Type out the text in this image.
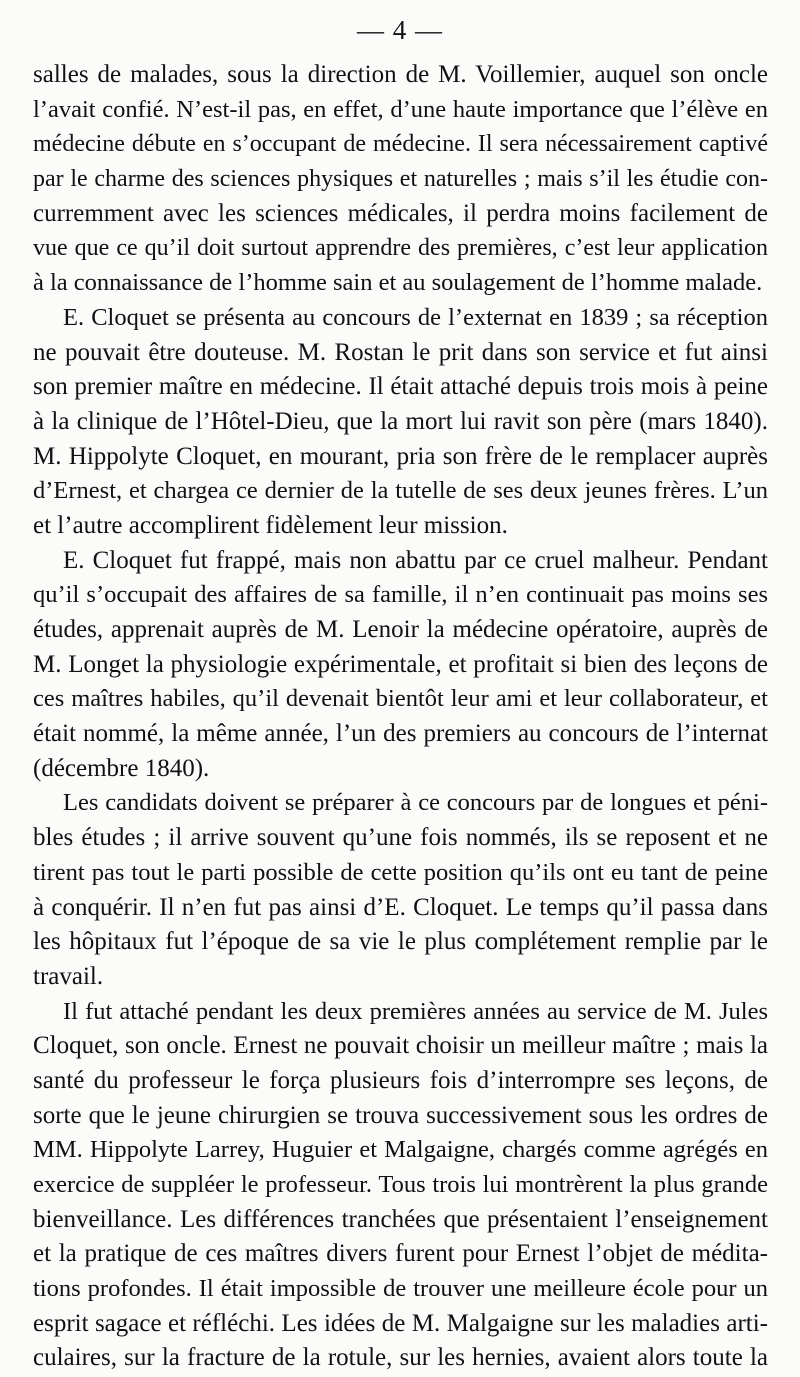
— 4 —
salles de malades, sous la direction de M. Voillemier, auquel son oncle
l’avait confié. N’est-il pas, en effet, d’une haute importance que l’élève en
médecine débute en s’occupant de médecine. Il sera nécessairement captivé
par le charme des sciences physiques et naturelles ; mais s’il les étudie con-
curremment avec les sciences médicales, il perdra moins facilement de
vue que ce qu’il doit surtout apprendre des premières, c’est leur application
à la connaissance de l’homme sain et au soulagement de l’homme malade.
E. Cloquet se présenta au concours de l’externat en 1839 ; sa réception
ne pouvait être douteuse. M. Rostan le prit dans son service et fut ainsi
son premier maître en médecine. Il était attaché depuis trois mois à peine
à la clinique de l’Hôtel-Dieu, que la mort lui ravit son père (mars 1840).
M. Hippolyte Cloquet, en mourant, pria son frère de le remplacer auprès
d’Ernest, et chargea ce dernier de la tutelle de ses deux jeunes frères. L’un
et l’autre accomplirent fidèlement leur mission.
E. Cloquet fut frappé, mais non abattu par ce cruel malheur. Pendant
qu’il s’occupait des affaires de sa famille, il n’en continuait pas moins ses
études, apprenait auprès de M. Lenoir la médecine opératoire, auprès de
M. Longet la physiologie expérimentale, et profitait si bien des leçons de
ces maîtres habiles, qu’il devenait bientôt leur ami et leur collaborateur, et
était nommé, la même année, l’un des premiers au concours de l’internat
(décembre 1840).
Les candidats doivent se préparer à ce concours par de longues et péni-
bles études ; il arrive souvent qu’une fois nommés, ils se reposent et ne
tirent pas tout le parti possible de cette position qu’ils ont eu tant de peine
à conquérir. Il n’en fut pas ainsi d’E. Cloquet. Le temps qu’il passa dans
les hôpitaux fut l’époque de sa vie le plus complétement remplie par le
travail.
Il fut attaché pendant les deux premières années au service de M. Jules
Cloquet, son oncle. Ernest ne pouvait choisir un meilleur maître ; mais la
santé du professeur le força plusieurs fois d’interrompre ses leçons, de
sorte que le jeune chirurgien se trouva successivement sous les ordres de
MM. Hippolyte Larrey, Huguier et Malgaigne, chargés comme agrégés en
exercice de suppléer le professeur. Tous trois lui montrèrent la plus grande
bienveillance. Les différences tranchées que présentaient l’enseignement
et la pratique de ces maîtres divers furent pour Ernest l’objet de médita-
tions profondes. Il était impossible de trouver une meilleure école pour un
esprit sagace et réfléchi. Les idées de M. Malgaigne sur les maladies arti-
culaires, sur la fracture de la rotule, sur les hernies, avaient alors toute la
